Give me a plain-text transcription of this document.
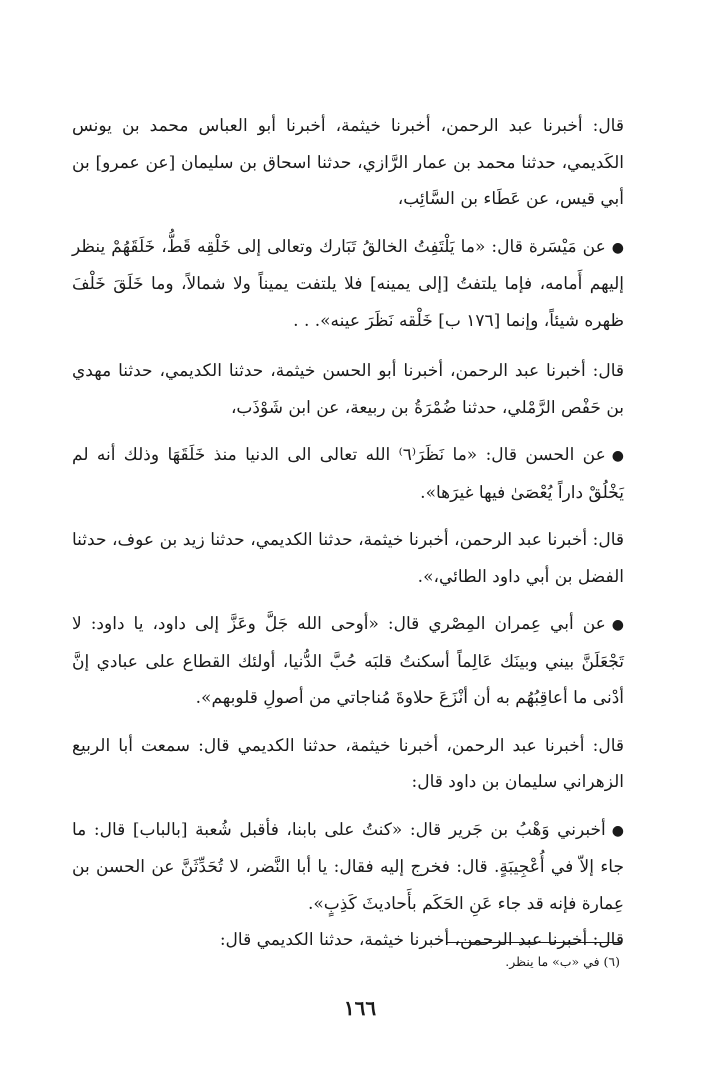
قال: أخبرنا عبد الرحمن، أخبرنا خيثمة، أخبرنا أبو العباس محمد بن يونس الكَديمي، حدثنا محمد بن عمار الرَّازي، حدثنا اسحاق بن سليمان [عن عمرو] بن أبي قيس، عن عَطَاء بن السَّائِب،

●عن مَيْسَرة قال: «ما يَلْتَفِتُ الخالقُ تَبَارك وتعالى إلى خَلْقِه قَطُّ، خَلَقَهُمْ ينظر إليهم أَمامه، فإما يلتفتُ [إلى يمينه] فلا يلتفت يميناً ولا شمالاً، وما خَلَقَ خَلْفَ ظهره شيئاً، وإنما [١٧٦ ب] خَلْقه نَظَرَ عينه». . .

قال: أخبرنا عبد الرحمن، أخبرنا أبو الحسن خيثمة، حدثنا الكديمي، حدثنا مهدي بن حَفْص الرَّمْلي، حدثنا ضُمْرَةُ بن ربيعة، عن ابن شَوْذَب،

●عن الحسن قال: «ما نَظَرَ⁽٦⁾ الله تعالى الى الدنيا منذ خَلَقَهَا وذلك أنه لم يَخْلُقْ داراً يُعْصَىٰ فيها غيرَها».

قال: أخبرنا عبد الرحمن، أخبرنا خيثمة، حدثنا الكديمي، حدثنا زيد بن عوف، حدثنا الفضل بن أبي داود الطائي،».

●عن أبي عِمران المِصْري قال: «أوحى الله جَلَّ وعَزَّ إلى داود، يا داود: لا تَجْعَلَنَّ بيني وبينَك عَالِماً أسكنتُ قلبَه حُبَّ الدُّنيا، أولئك القطاع على عبادي إنَّ أدْنى ما أعاقِبُهُم به أن أنْزَعَ حلاوةَ مُناجاتي من أصولِ قلوبهم».

قال: أخبرنا عبد الرحمن، أخبرنا خيثمة، حدثنا الكديمي قال: سمعت أبا الربيع الزهراني سليمان بن داود قال:

●أخبرني وَهْبُ بن جَرير قال: «كنتُ على بابنا، فأقبل شُعبة [بالباب] قال: ما جاء إلاّ في أُعْجِيبَةٍ. قال: فخرج إليه فقال: يا أبا النَّضر، لا تُحَدِّثَنَّ عن الحسن بن عِمارة فإنه قد جاء عَنِ الحَكَم بأَحاديثَ كَذِبٍ».

قال: أخبرنا عبد الرحمن، أخبرنا خيثمة، حدثنا الكديمي قال:

(٦) في «ب» ما ينظر.
١٦٦
